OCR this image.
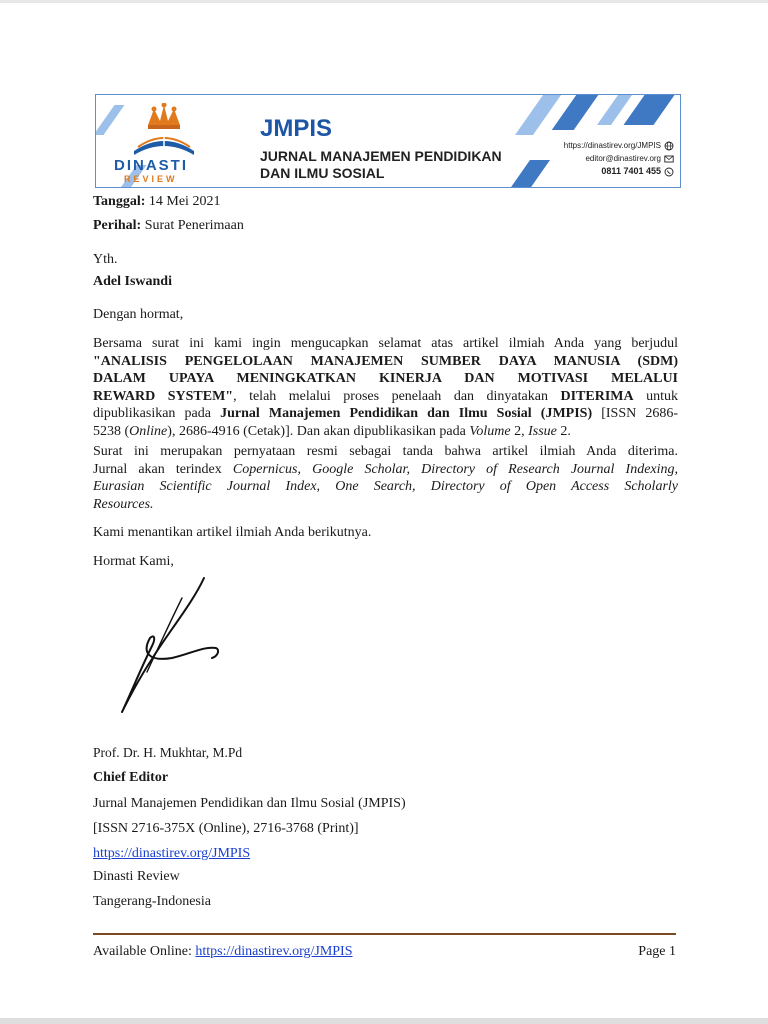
DINASTI
REVIEW
JMPIS
JURNAL MANAJEMEN PENDIDIKAN
DAN ILMU SOSIAL
https://dinastirev.org/JMPIS
editor@dinastirev.org
0811 7401 455
Tanggal: 14 Mei 2021
Perihal: Surat Penerimaan
Yth.
Adel Iswandi
Dengan hormat,
Bersama surat ini kami ingin mengucapkan selamat atas artikel ilmiah Anda yang berjudul
"ANALISIS PENGELOLAAN MANAJEMEN SUMBER DAYA MANUSIA (SDM)
DALAM UPAYA MENINGKATKAN KINERJA DAN MOTIVASI MELALUI
REWARD SYSTEM", telah melalui proses penelaah dan dinyatakan DITERIMA untuk
dipublikasikan pada Jurnal Manajemen Pendidikan dan Ilmu Sosial (JMPIS) [ISSN 2686-
5238 (Online), 2686-4916 (Cetak)]. Dan akan dipublikasikan pada Volume 2, Issue 2.
Surat ini merupakan pernyataan resmi sebagai tanda bahwa artikel ilmiah Anda diterima.
Jurnal akan terindex Copernicus, Google Scholar, Directory of Research Journal Indexing,
Eurasian Scientific Journal Index, One Search, Directory of Open Access Scholarly
Resources.
Kami menantikan artikel ilmiah Anda berikutnya.
Hormat Kami,
Prof. Dr. H. Mukhtar, M.Pd
Chief Editor
Jurnal Manajemen Pendidikan dan Ilmu Sosial (JMPIS)
[ISSN 2716-375X (Online), 2716-3768 (Print)]
https://dinastirev.org/JMPIS
Dinasti Review
Tangerang-Indonesia
Available Online: https://dinastirev.org/JMPIS	Page 1
